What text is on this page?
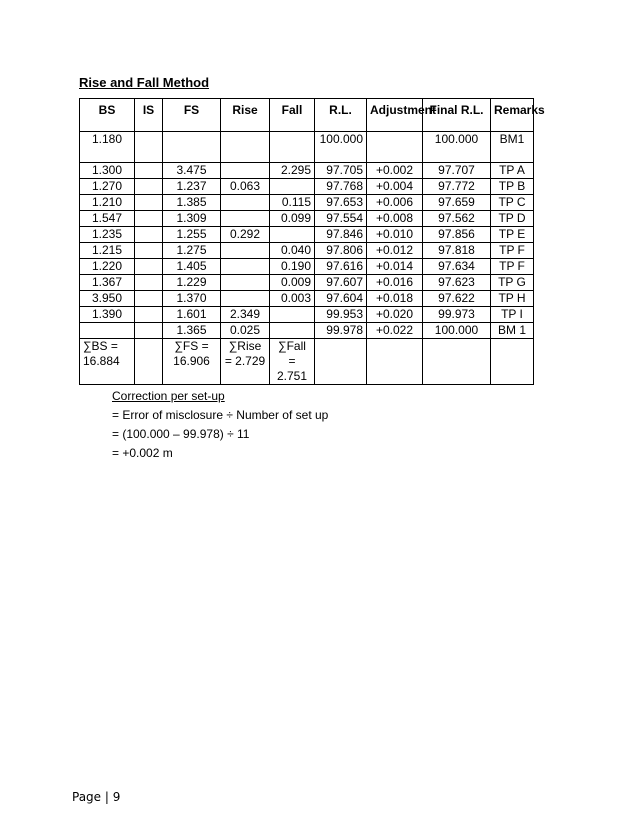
Rise and Fall Method
BS	IS	FS	Rise	Fall	R.L.	Adjustment	Final R.L.	Remarks
1.180					100.000		100.000	BM1
1.300		3.475		2.295	97.705	+0.002	97.707	TP A
1.270		1.237	0.063		97.768	+0.004	97.772	TP B
1.210		1.385		0.115	97.653	+0.006	97.659	TP C
1.547		1.309		0.099	97.554	+0.008	97.562	TP D
1.235		1.255	0.292		97.846	+0.010	97.856	TP E
1.215		1.275		0.040	97.806	+0.012	97.818	TP F
1.220		1.405		0.190	97.616	+0.014	97.634	TP F
1.367		1.229		0.009	97.607	+0.016	97.623	TP G
3.950		1.370		0.003	97.604	+0.018	97.622	TP H
1.390		1.601	2.349		99.953	+0.020	99.973	TP I
		1.365	0.025		99.978	+0.022	100.000	BM 1
∑BS = 16.884		∑FS = 16.906	∑Rise = 2.729	∑Fall = 2.751				
Correction per set-up
= Error of misclosure ÷ Number of set up
= (100.000 – 99.978) ÷ 11
= +0.002 m
Page | 9
